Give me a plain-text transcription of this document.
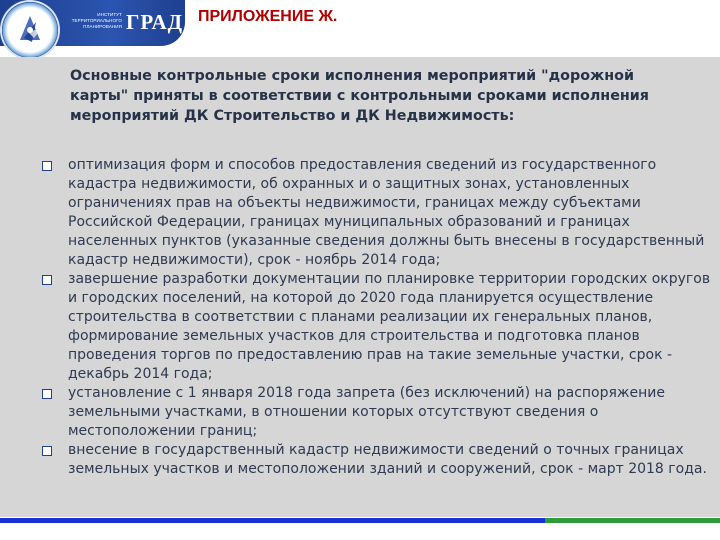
ИНСТИТУТ
ТЕРРИТОРИАЛЬНОГО
ПЛАНИРОВАНИЯ ГРАД ПРИЛОЖЕНИЕ Ж.
Основные контрольные сроки исполнения мероприятий "дорожной
карты" приняты в соответствии с контрольными сроками исполнения
мероприятий ДК Строительство и ДК Недвижимость:
оптимизация форм и способов предоставления сведений из государственного
кадастра недвижимости, об охранных и о защитных зонах, установленных
ограничениях прав на объекты недвижимости, границах между субъектами
Российской Федерации, границах муниципальных образований и границах
населенных пунктов (указанные сведения должны быть внесены в государственный
кадастр недвижимости), срок - ноябрь 2014 года;
завершение разработки документации по планировке территории городских округов
и городских поселений, на которой до 2020 года планируется осуществление
строительства в соответствии с планами реализации их генеральных планов,
формирование земельных участков для строительства и подготовка планов
проведения торгов по предоставлению прав на такие земельные участки, срок -
декабрь 2014 года;
установление с 1 января 2018 года запрета (без исключений) на распоряжение
земельными участками, в отношении которых отсутствуют сведения о
местоположении границ;
внесение в государственный кадастр недвижимости сведений о точных границах
земельных участков и местоположении зданий и сооружений, срок - март 2018 года.
